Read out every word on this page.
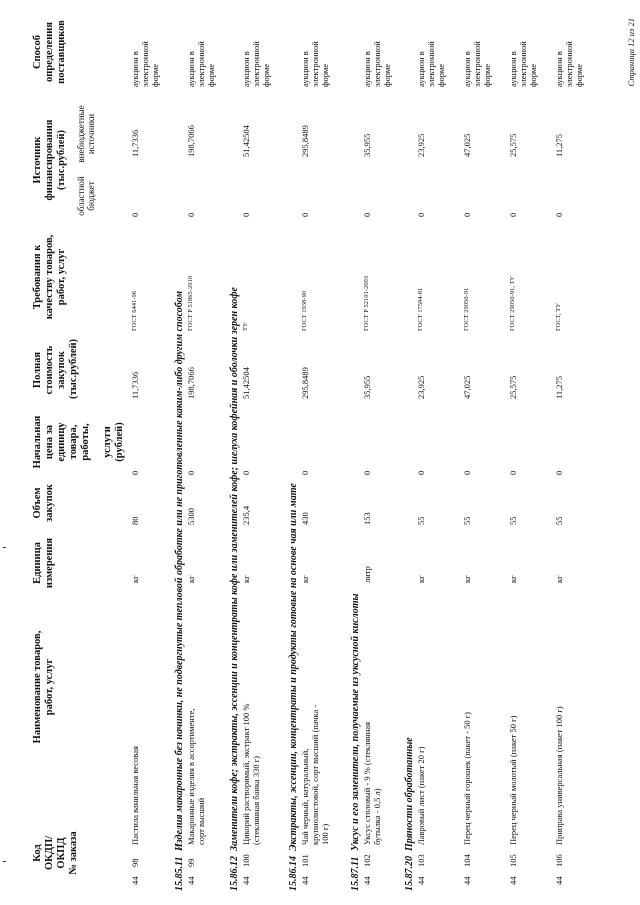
Код ОКДП/ ОКПД № заказа
Наименование товаров, работ, услуг
Единица измерения
Объем закупок
Начальная цена за единицу товара, работы, услуги (рублей)
Полная стоимость закупок (тыс.рублей)
Требования к качеству товаров, работ, услуг
Источник финансирования (тыс.рублей)
областной бюджет
внебюджетные источники
Способ определения поставщиков
44
98
Пастила ванильная весовая
кг
80
0
11,7336
ГОСТ 6441-96
0
11,7336
аукцион в электронной форме
15.85.11Изделия макаронные без начинки, не подвергнутые тепловой обработке или не приготовленные каким-либо другим способом
44
99
Макаронные изделия в ассортименте, сорт высший
кг
5300
0
198,7066
ГОСТ Р 51865-2010
0
198,7066
аукцион в электронной форме
15.86.12Заменители кофе; экстракты, эссенции и концентраты кофе или заменителей кофе; шелуха кофейная и оболочки зерен кофе
44
100
Цикорий растворимый, экстракт 100 % (стеклянная банка 330 г)
кг
235,4
0
51,42504
ТУ
0
51,42504
аукцион в электронной форме
15.86.14Экстракты, эссенции, концентраты и продукты готовые на основе чая или мате
44
101
Чай черный, натуральный, крупнолистовой, сорт высший (пачка - 100 г)
кг
430
0
295,8489
ГОСТ 1938-90
0
295,8489
аукцион в электронной форме
15.87.11Уксус и его заменители, получаемые из уксусной кислоты
44
102
Уксус столовый - 9 % (стеклянная бутылка - 0,5 л)
литр
153
0
35,955
ГОСТ Р 52101-2003
0
35,955
аукцион в электронной форме
15.87.20Пряности обработанные
44
103
Лавровый лист (пакет 20 г)
кг
55
0
23,925
ГОСТ 17594-81
0
23,925
аукцион в электронной форме
44
104
Перец черный горошек (пакет - 50 г)
кг
55
0
47,025
ГОСТ 29050-91
0
47,025
аукцион в электронной форме
44
105
Перец черный молотый (пакет 50 г)
кг
55
0
25,575
ГОСТ 29050-91, ТУ
0
25,575
аукцион в электронной форме
44
106
Приправа универсальная (пакет 100 г)
кг
55
0
11,275
ГОСТ, ТУ
0
11,275
аукцион в электронной форме	Страница 12 из 21
